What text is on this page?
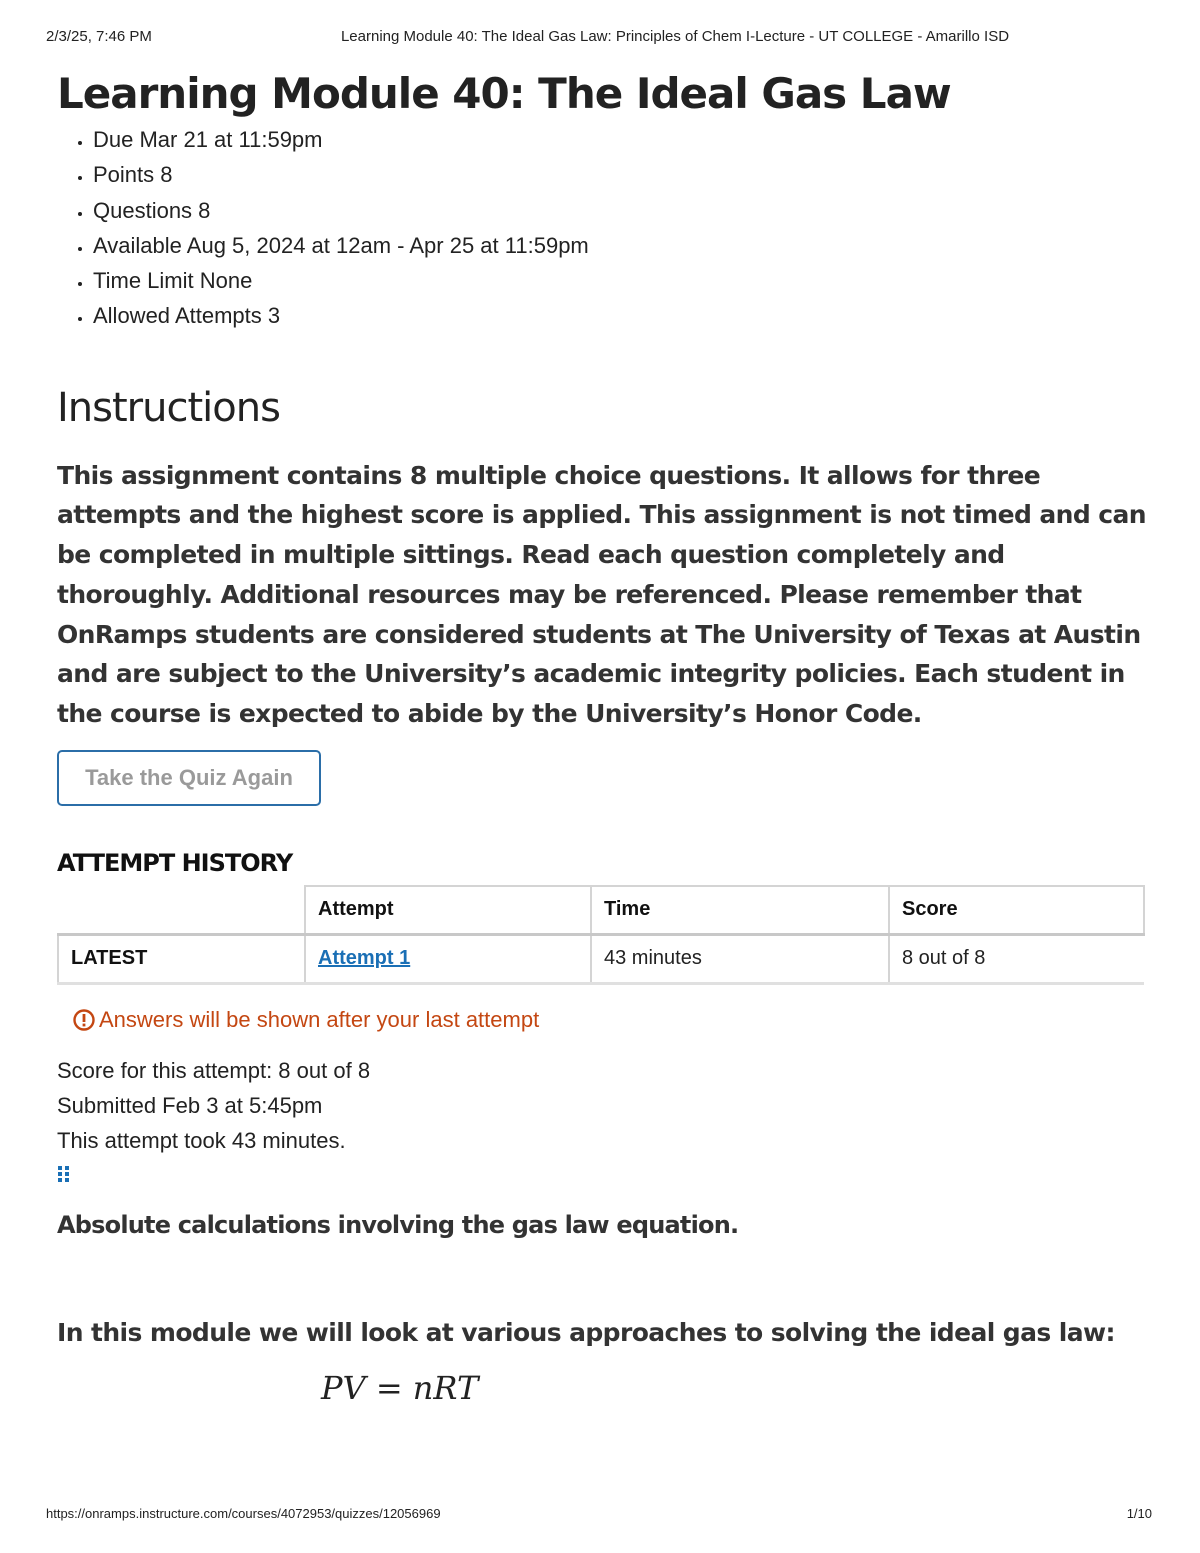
2/3/25, 7:46 PM	Learning Module 40: The Ideal Gas Law: Principles of Chem I-Lecture - UT COLLEGE - Amarillo ISD
Learning Module 40: The Ideal Gas Law
• Due Mar 21 at 11:59pm
• Points 8
• Questions 8
• Available Aug 5, 2024 at 12am - Apr 25 at 11:59pm
• Time Limit None
• Allowed Attempts 3
Instructions

This assignment contains 8 multiple choice questions. It allows for three attempts and the highest score is applied. This assignment is not timed and can be completed in multiple sittings. Read each question completely and thoroughly. Additional resources may be referenced. Please remember that OnRamps students are considered students at The University of Texas at Austin and are subject to the University’s academic integrity policies. Each student in the course is expected to abide by the University’s Honor Code.

Take the Quiz Again
ATTEMPT HISTORY
	Attempt	Time	Score
LATEST	Attempt 1	43 minutes	8 out of 8
Answers will be shown after your last attempt
Score for this attempt: 8 out of 8
Submitted Feb 3 at 5:45pm
This attempt took 43 minutes.
Absolute calculations involving the gas law equation.

In this module we will look at various approaches to solving the ideal gas law:

PV = nRT
https://onramps.instructure.com/courses/4072953/quizzes/12056969	1/10
